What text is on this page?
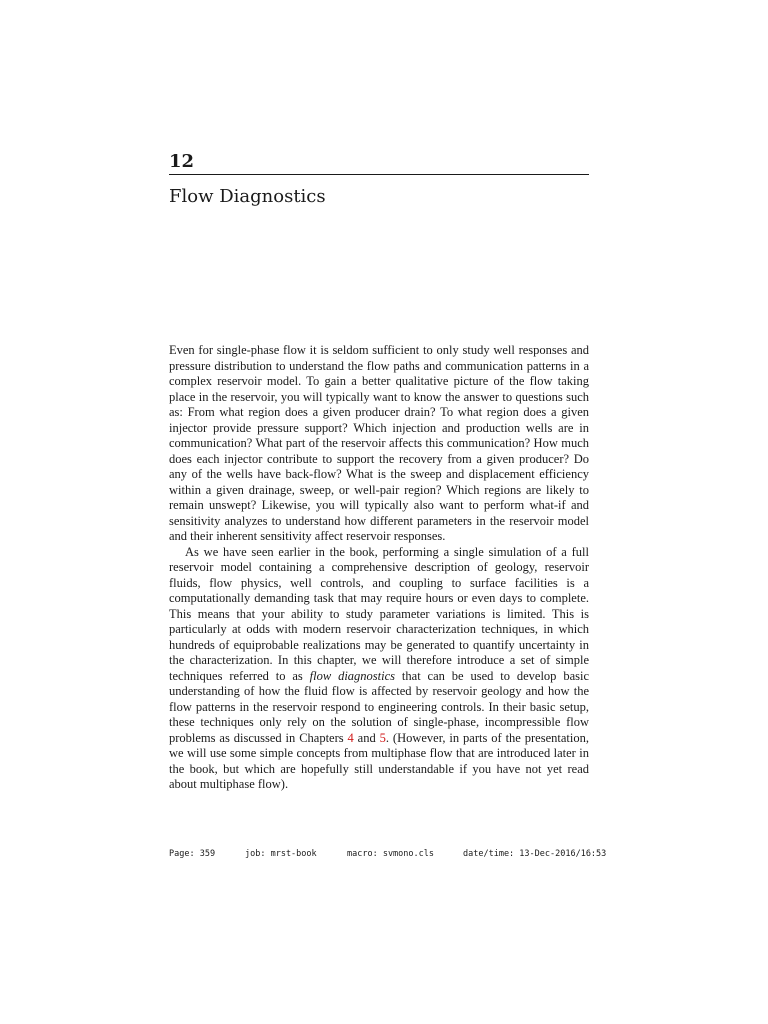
12
Flow Diagnostics

Even for single-phase flow it is seldom sufficient to only study well responses and pressure distribution to understand the flow paths and communication patterns in a complex reservoir model. To gain a better qualitative picture of the flow taking place in the reservoir, you will typically want to know the answer to questions such as: From what region does a given producer drain? To what region does a given injector provide pressure support? Which injection and production wells are in communication? What part of the reservoir affects this communication? How much does each injector contribute to support the recovery from a given producer? Do any of the wells have back-flow? What is the sweep and displacement efficiency within a given drainage, sweep, or well-pair region? Which regions are likely to remain unswept? Likewise, you will typically also want to perform what-if and sensitivity analyzes to understand how different parameters in the reservoir model and their inherent sensitivity affect reservoir responses.

As we have seen earlier in the book, performing a single simulation of a full reservoir model containing a comprehensive description of geology, reservoir fluids, flow physics, well controls, and coupling to surface facilities is a computationally demanding task that may require hours or even days to complete. This means that your ability to study parameter variations is limited. This is particularly at odds with modern reservoir characterization techniques, in which hundreds of equiprobable realizations may be generated to quantify uncertainty in the characterization. In this chapter, we will therefore introduce a set of simple techniques referred to as flow diagnostics that can be used to develop basic understanding of how the fluid flow is affected by reservoir geology and how the flow patterns in the reservoir respond to engineering controls. In their basic setup, these techniques only rely on the solution of single-phase, incompressible flow problems as discussed in Chapters 4 and 5. (However, in parts of the presentation, we will use some simple concepts from multiphase flow that are introduced later in the book, but which are hopefully still understandable if you have not yet read about multiphase flow).

Page: 359	job: mrst-book	macro: svmono.cls	date/time: 13-Dec-2016/16:53
